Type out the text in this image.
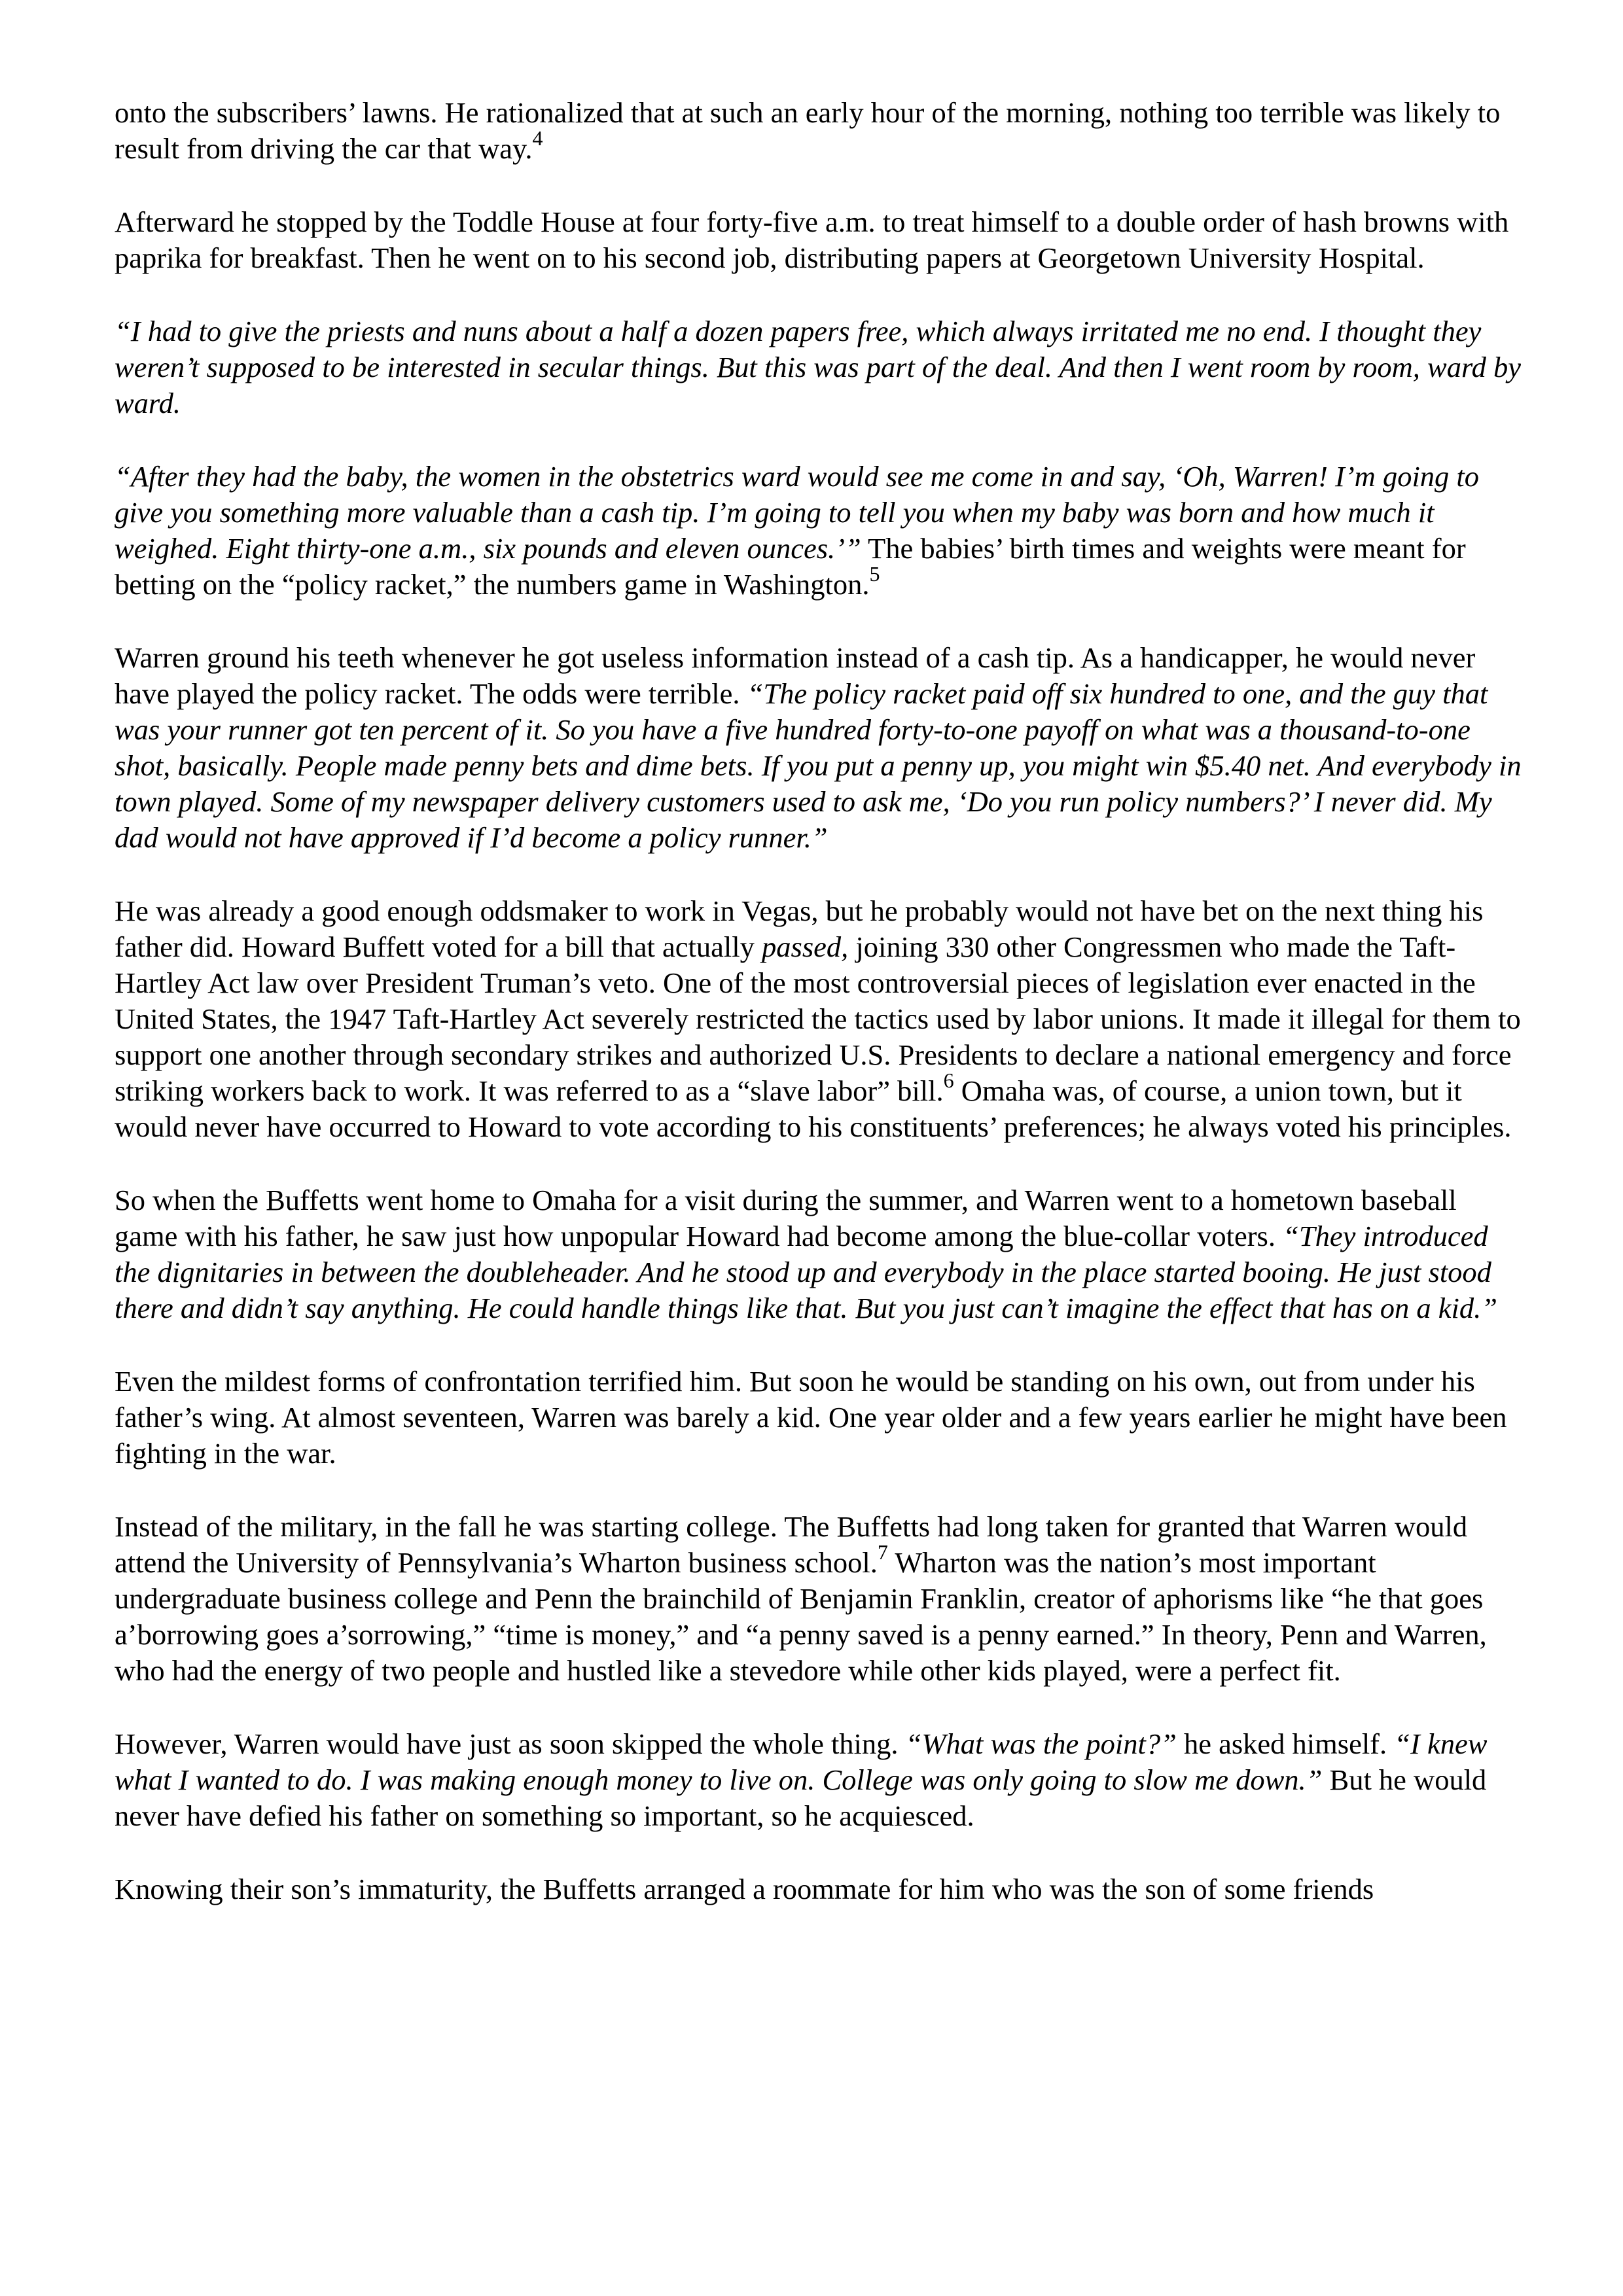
onto the subscribers’ lawns. He rationalized that at such an early hour of the morning, nothing too terrible was likely to result from driving the car that way.$^4$

Afterward he stopped by the Toddle House at four forty-five a.m. to treat himself to a double order of hash browns with paprika for breakfast. Then he went on to his second job, distributing papers at Georgetown University Hospital.

“I had to give the priests and nuns about a half a dozen papers free, which always irritated me no end. I thought they weren’t supposed to be interested in secular things. But this was part of the deal. And then I went room by room, ward by ward.

“After they had the baby, the women in the obstetrics ward would see me come in and say, ‘Oh, Warren! I’m going to give you something more valuable than a cash tip. I’m going to tell you when my baby was born and how much it weighed. Eight thirty-one a.m., six pounds and eleven ounces.’” The babies’ birth times and weights were meant for betting on the “policy racket,” the numbers game in Washington.$^5$

Warren ground his teeth whenever he got useless information instead of a cash tip. As a handicapper, he would never have played the policy racket. The odds were terrible. “The policy racket paid off six hundred to one, and the guy that was your runner got ten percent of it. So you have a five hundred forty-to-one payoff on what was a thousand-to-one shot, basically. People made penny bets and dime bets. If you put a penny up, you might win $5.40 net. And everybody in town played. Some of my newspaper delivery customers used to ask me, ‘Do you run policy numbers?’ I never did. My dad would not have approved if I’d become a policy runner.”

He was already a good enough oddsmaker to work in Vegas, but he probably would not have bet on the next thing his father did. Howard Buffett voted for a bill that actually passed, joining 330 other Congressmen who made the Taft-Hartley Act law over President Truman’s veto. One of the most controversial pieces of legislation ever enacted in the United States, the 1947 Taft-Hartley Act severely restricted the tactics used by labor unions. It made it illegal for them to support one another through secondary strikes and authorized U.S. Presidents to declare a national emergency and force striking workers back to work. It was referred to as a “slave labor” bill.$^6$ Omaha was, of course, a union town, but it would never have occurred to Howard to vote according to his constituents’ preferences; he always voted his principles.

So when the Buffetts went home to Omaha for a visit during the summer, and Warren went to a hometown baseball game with his father, he saw just how unpopular Howard had become among the blue-collar voters. “They introduced the dignitaries in between the doubleheader. And he stood up and everybody in the place started booing. He just stood there and didn’t say anything. He could handle things like that. But you just can’t imagine the effect that has on a kid.”

Even the mildest forms of confrontation terrified him. But soon he would be standing on his own, out from under his father’s wing. At almost seventeen, Warren was barely a kid. One year older and a few years earlier he might have been fighting in the war.

Instead of the military, in the fall he was starting college. The Buffetts had long taken for granted that Warren would attend the University of Pennsylvania’s Wharton business school.$^7$ Wharton was the nation’s most important undergraduate business college and Penn the brainchild of Benjamin Franklin, creator of aphorisms like “he that goes a’borrowing goes a’sorrowing,” “time is money,” and “a penny saved is a penny earned.” In theory, Penn and Warren, who had the energy of two people and hustled like a stevedore while other kids played, were a perfect fit.

However, Warren would have just as soon skipped the whole thing. “What was the point?” he asked himself. “I knew what I wanted to do. I was making enough money to live on. College was only going to slow me down.” But he would never have defied his father on something so important, so he acquiesced.

Knowing their son’s immaturity, the Buffetts arranged a roommate for him who was the son of some friends
